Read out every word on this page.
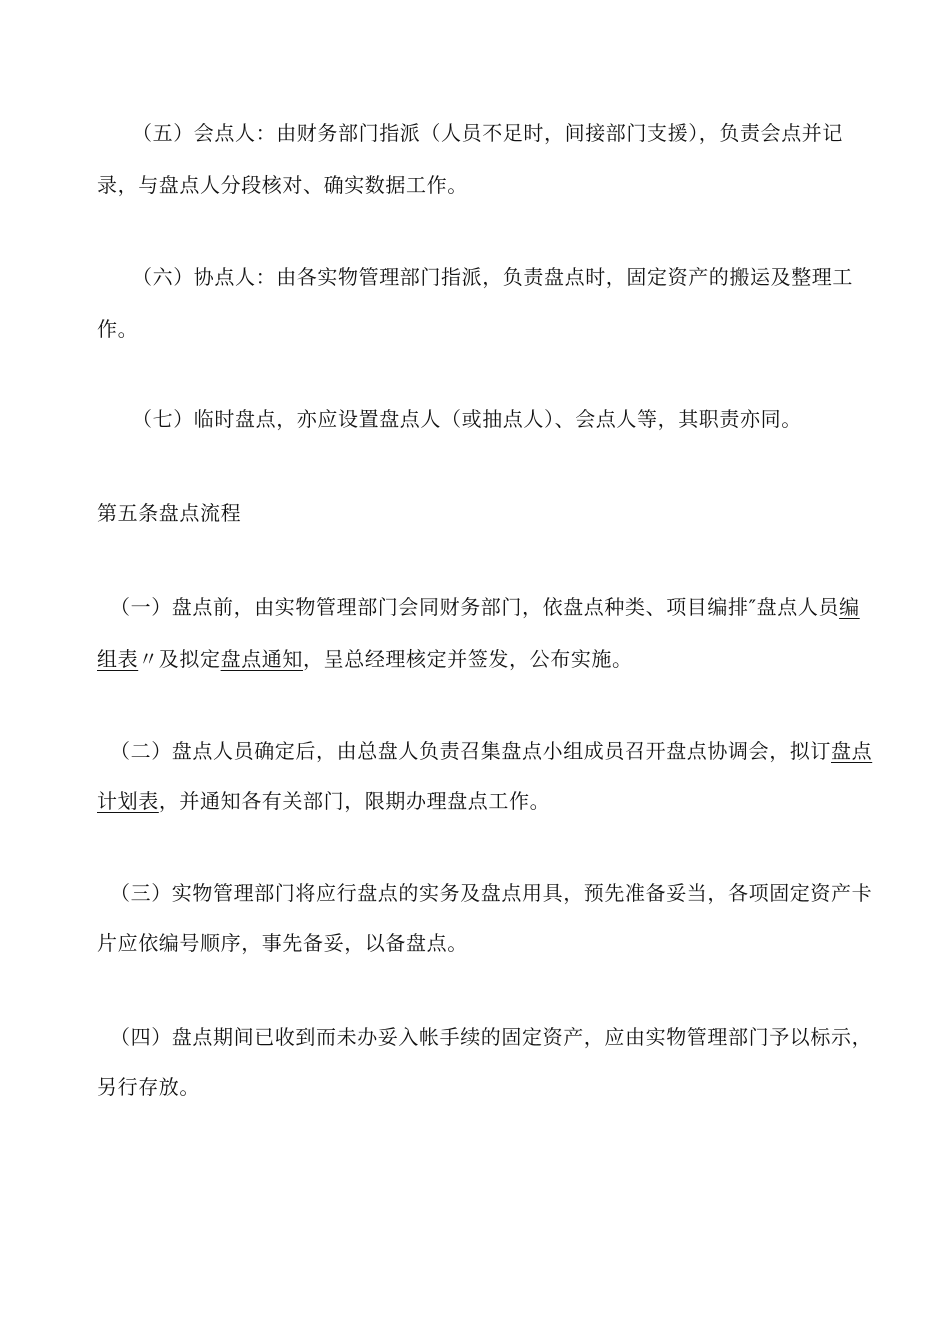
（五）会点人：由财务部门指派（人员不足时，间接部门支援），负责会点并记
录，与盘点人分段核对、确实数据工作。
（六）协点人：由各实物管理部门指派，负责盘点时，固定资产的搬运及整理工
作。
（七）临时盘点，亦应设置盘点人（或抽点人）、会点人等，其职责亦同。
第五条盘点流程
（一）盘点前，由实物管理部门会同财务部门，依盘点种类、项目编排″盘点人员编
组表〃及拟定盘点通知，呈总经理核定并签发，公布实施。
（二）盘点人员确定后，由总盘人负责召集盘点小组成员召开盘点协调会，拟订盘点
计划表，并通知各有关部门，限期办理盘点工作。
（三）实物管理部门将应行盘点的实务及盘点用具，预先准备妥当，各项固定资产卡
片应依编号顺序，事先备妥，以备盘点。
（四）盘点期间已收到而未办妥入帐手续的固定资产，应由实物管理部门予以标示，
另行存放。
